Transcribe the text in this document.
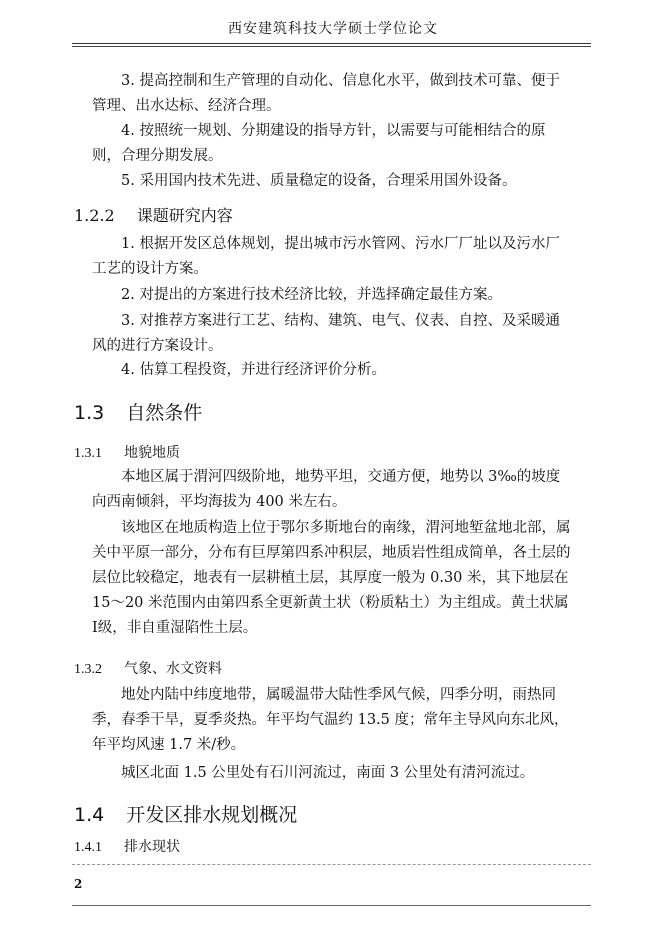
西安建筑科技大学硕士学位论文

3. 提高控制和生产管理的自动化、信息化水平，做到技术可靠、便于管理、出水达标、经济合理。

4. 按照统一规划、分期建设的指导方针，以需要与可能相结合的原则，合理分期发展。

5. 采用国内技术先进、质量稳定的设备，合理采用国外设备。

1.2.2 课题研究内容

1. 根据开发区总体规划，提出城市污水管网、污水厂厂址以及污水厂工艺的设计方案。

2. 对提出的方案进行技术经济比较，并选择确定最佳方案。

3. 对推荐方案进行工艺、结构、建筑、电气、仪表、自控、及采暖通风的进行方案设计。

4. 估算工程投资，并进行经济评价分析。

1.3 自然条件
1.3.1 地貌地质

本地区属于渭河四级阶地，地势平坦，交通方便，地势以 3‰的坡度向西南倾斜，平均海拔为 400 米左右。

该地区在地质构造上位于鄂尔多斯地台的南缘，渭河地堑盆地北部，属关中平原一部分，分布有巨厚第四系冲积层，地质岩性组成简单，各土层的层位比较稳定，地表有一层耕植土层，其厚度一般为 0.30 米，其下地层在 15～20 米范围内由第四系全更新黄土状（粉质粘土）为主组成。黄土状属Ⅰ级，非自重湿陷性土层。

1.3.2 气象、水文资料

地处内陆中纬度地带，属暖温带大陆性季风气候，四季分明，雨热同季，春季干旱，夏季炎热。年平均气温约 13.5 度；常年主导风向东北风，年平均风速 1.7 米/秒。

城区北面 1.5 公里处有石川河流过，南面 3 公里处有清河流过。

1.4 开发区排水规划概况
1.4.1 排水现状
2
